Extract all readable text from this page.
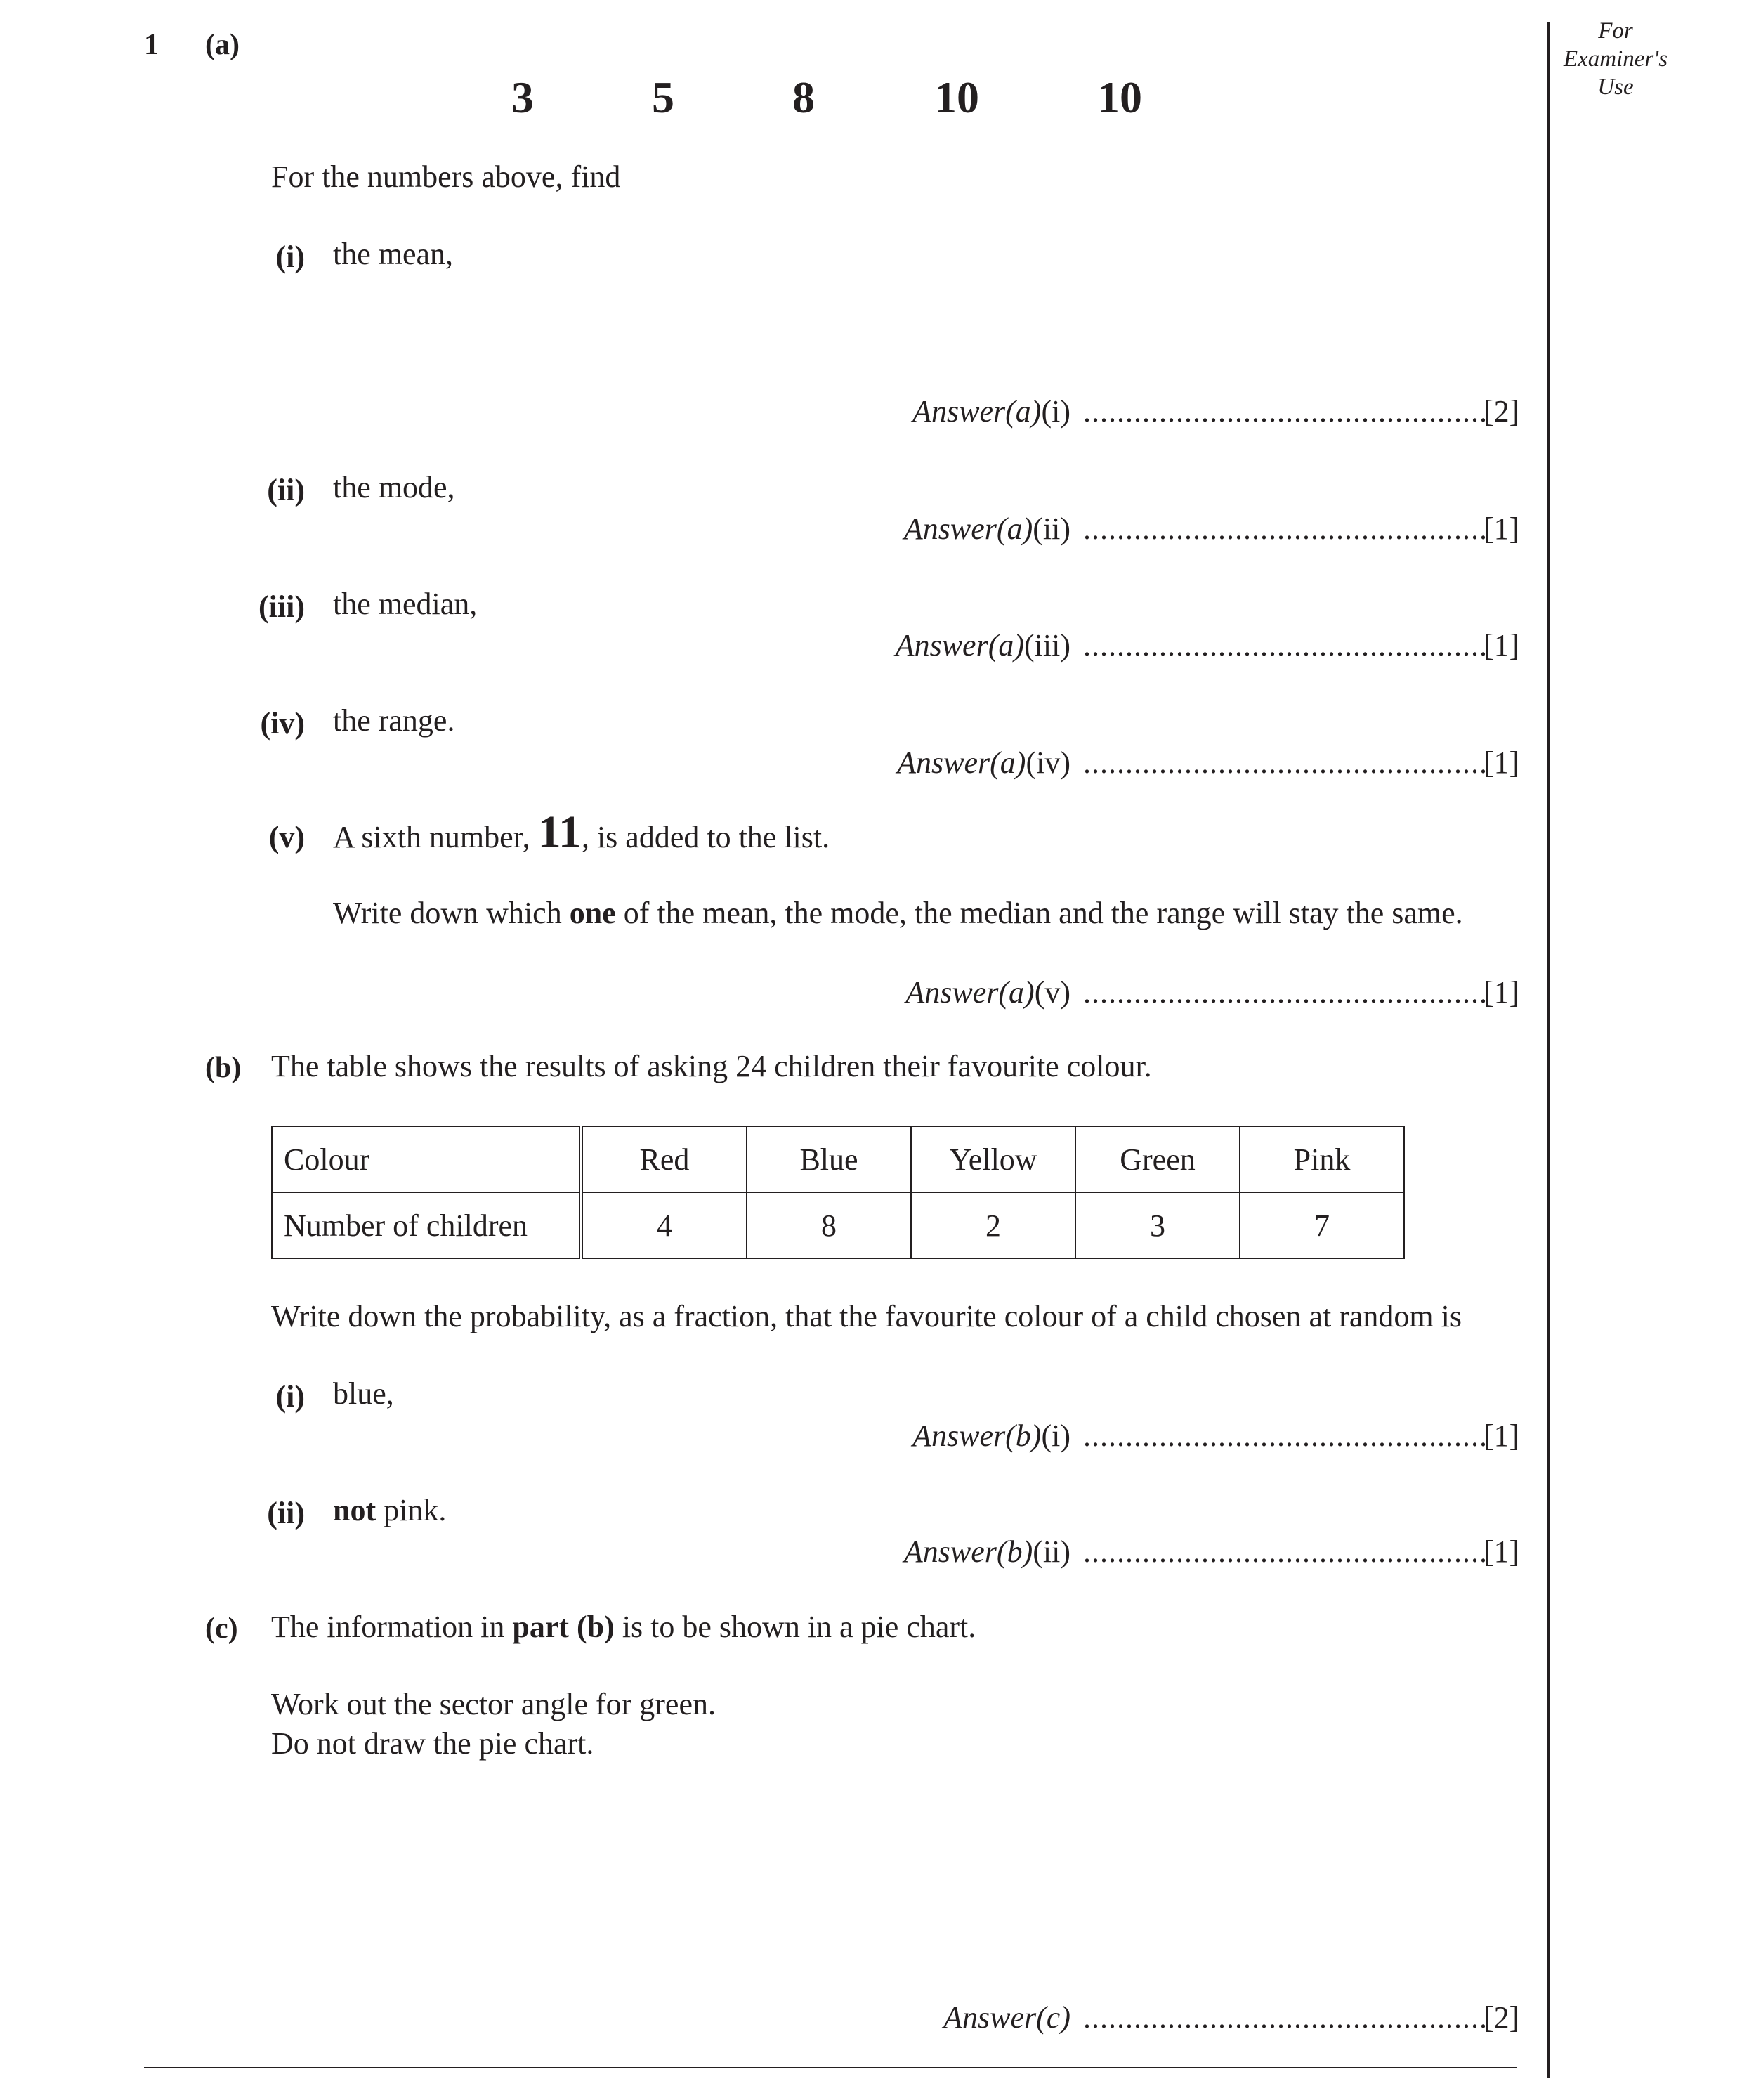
For
Examiner's
Use
1 (a)
3	5	8	10	10
For the numbers above, find
(i) the mean,
Answer(a)(i) ................................................
[2]
(ii) the mode,
Answer(a)(ii) ................................................
[1]
(iii) the median,
Answer(a)(iii) ................................................
[1]
(iv) the range.
Answer(a)(iv) ................................................
[1]
(v) A sixth number, 11, is added to the list.
Write down which one of the mean, the mode, the median and the range will stay the same.
Answer(a)(v) ................................................
[1]
(b) The table shows the results of asking 24 children their favourite colour.
Colour	Red	Blue	Yellow	Green	Pink
Number of children	4	8	2	3	7
Write down the probability, as a fraction, that the favourite colour of a child chosen at random is
(i) blue,
Answer(b)(i) ................................................
[1]
(ii) not pink.
Answer(b)(ii) ................................................
[1]
(c) The information in part (b) is to be shown in a pie chart.
Work out the sector angle for green.
Do not draw the pie chart.
Answer(c) ................................................
[2]
